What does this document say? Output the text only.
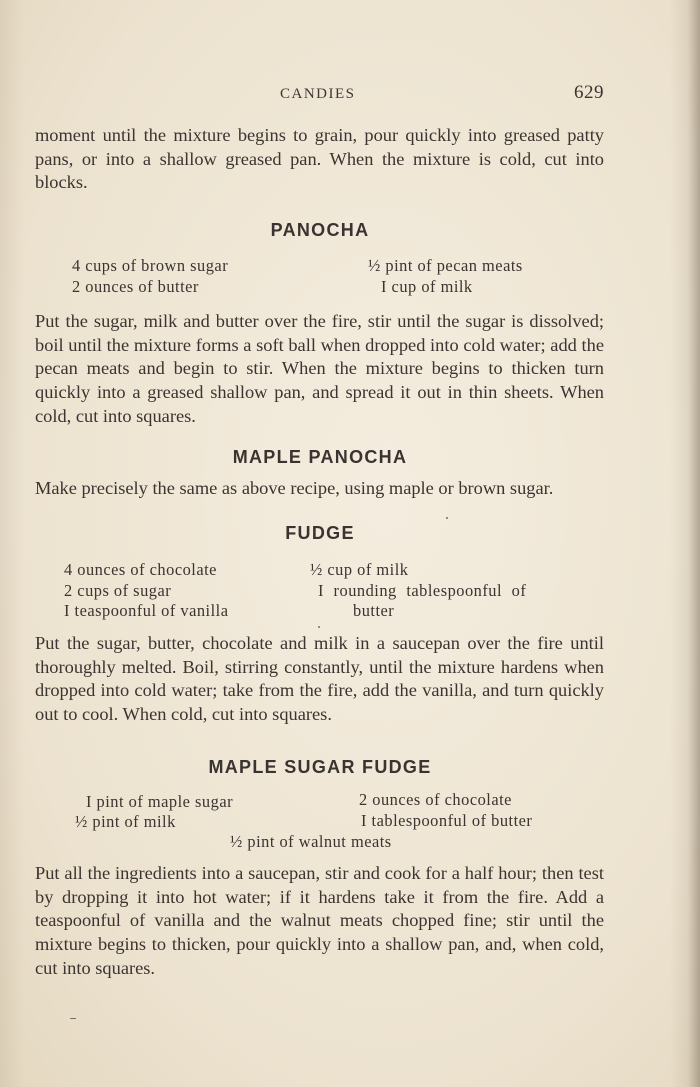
CANDIES	629
moment until the mixture begins to grain, pour quickly into greased patty pans, or into a shallow greased pan. When the mixture is cold, cut into blocks.
PANOCHA
4 cups of brown sugar
2 ounces of butter
½ pint of pecan meats
I cup of milk
Put the sugar, milk and butter over the fire, stir until the sugar is dissolved; boil until the mixture forms a soft ball when dropped into cold water; add the pecan meats and begin to stir. When the mixture begins to thicken turn quickly into a greased shallow pan, and spread it out in thin sheets. When cold, cut into squares.
MAPLE PANOCHA
Make precisely the same as above recipe, using maple or brown sugar.
FUDGE
4 ounces of chocolate
2 cups of sugar
I teaspoonful of vanilla
½ cup of milk
I rounding tablespoonful of
butter
Put the sugar, butter, chocolate and milk in a saucepan over the fire until thoroughly melted. Boil, stirring constantly, until the mixture hardens when dropped into cold water; take from the fire, add the vanilla, and turn quickly out to cool. When cold, cut into squares.
MAPLE SUGAR FUDGE
I pint of maple sugar
½ pint of milk
2 ounces of chocolate
I tablespoonful of butter
½ pint of walnut meats
Put all the ingredients into a saucepan, stir and cook for a half hour; then test by dropping it into hot water; if it hardens take it from the fire. Add a teaspoonful of vanilla and the walnut meats chopped fine; stir until the mixture begins to thicken, pour quickly into a shallow pan, and, when cold, cut into squares.
